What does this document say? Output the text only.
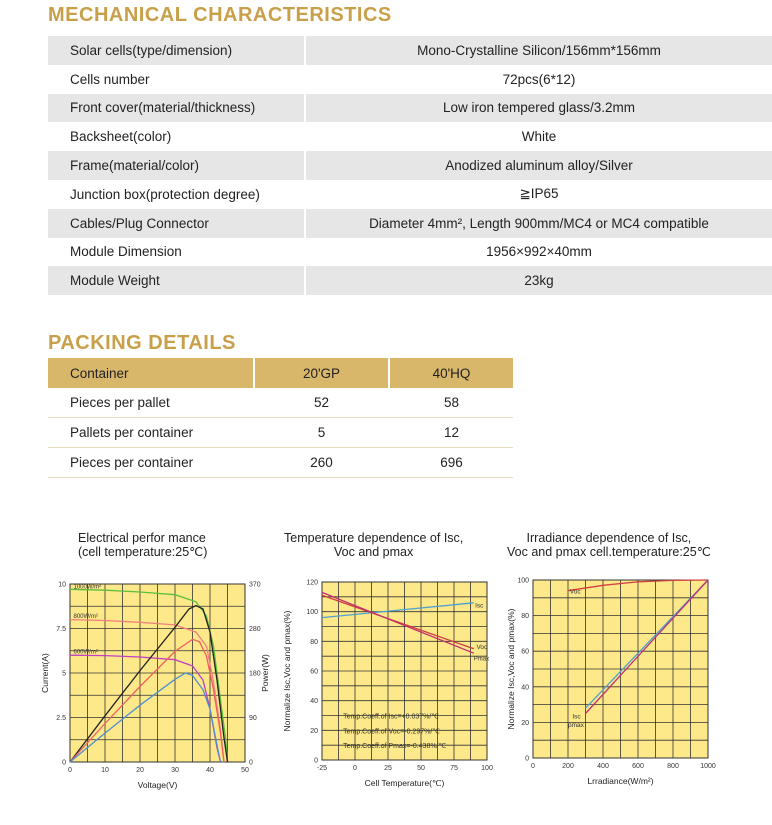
MECHANICAL CHARACTERISTICS
Solar cells(type/dimension)	Mono-Crystalline Silicon/156mm*156mm
Cells number	72pcs(6*12)
Front cover(material/thickness)	Low iron tempered glass/3.2mm
Backsheet(color)	White
Frame(material/color)	Anodized aluminum alloy/Silver
Junction box(protection degree)	≧IP65
Cables/Plug Connector	Diameter 4mm², Length 900mm/MC4 or MC4 compatible
Module Dimension	1956×992×40mm
Module Weight	23kg
PACKING DETAILS
Container	20'GP	40'HQ
Pieces per pallet	52	58
Pallets per container	5	12
Pieces per container	260	696
Electrical perfor mance
(cell temperature:25℃)
0	10	20	30	40	50
0
2.5
5
7.5
10
0
90
180
280
370
Voltage(V)
Current(A)	Power(W)
1000W/m²
800W/m²
600W/m²
Temperature dependence of Isc,
Voc and pmax
-25	0	25	50	75	100
0
20
40
60
80
100
120
Cell Temperature(℃)
Normalize Isc,Voc and pmax(%)
Isc
Voc
Pmax
Temp.Coeff.of Isc=+0.037%/℃
Temp.Coeff.of Voc=-0.297%/℃
Temp.Coeff.of Pmax=-0.438%/℃
Irradiance dependence of Isc,
Voc and pmax cell.temperature:25℃
0	200	400	600	800	1000
0
20
40
60
80
100
Lrradiance(W/m²)
Normalize Isc,Voc and pmax(%)
Voc
Isc
pmax
